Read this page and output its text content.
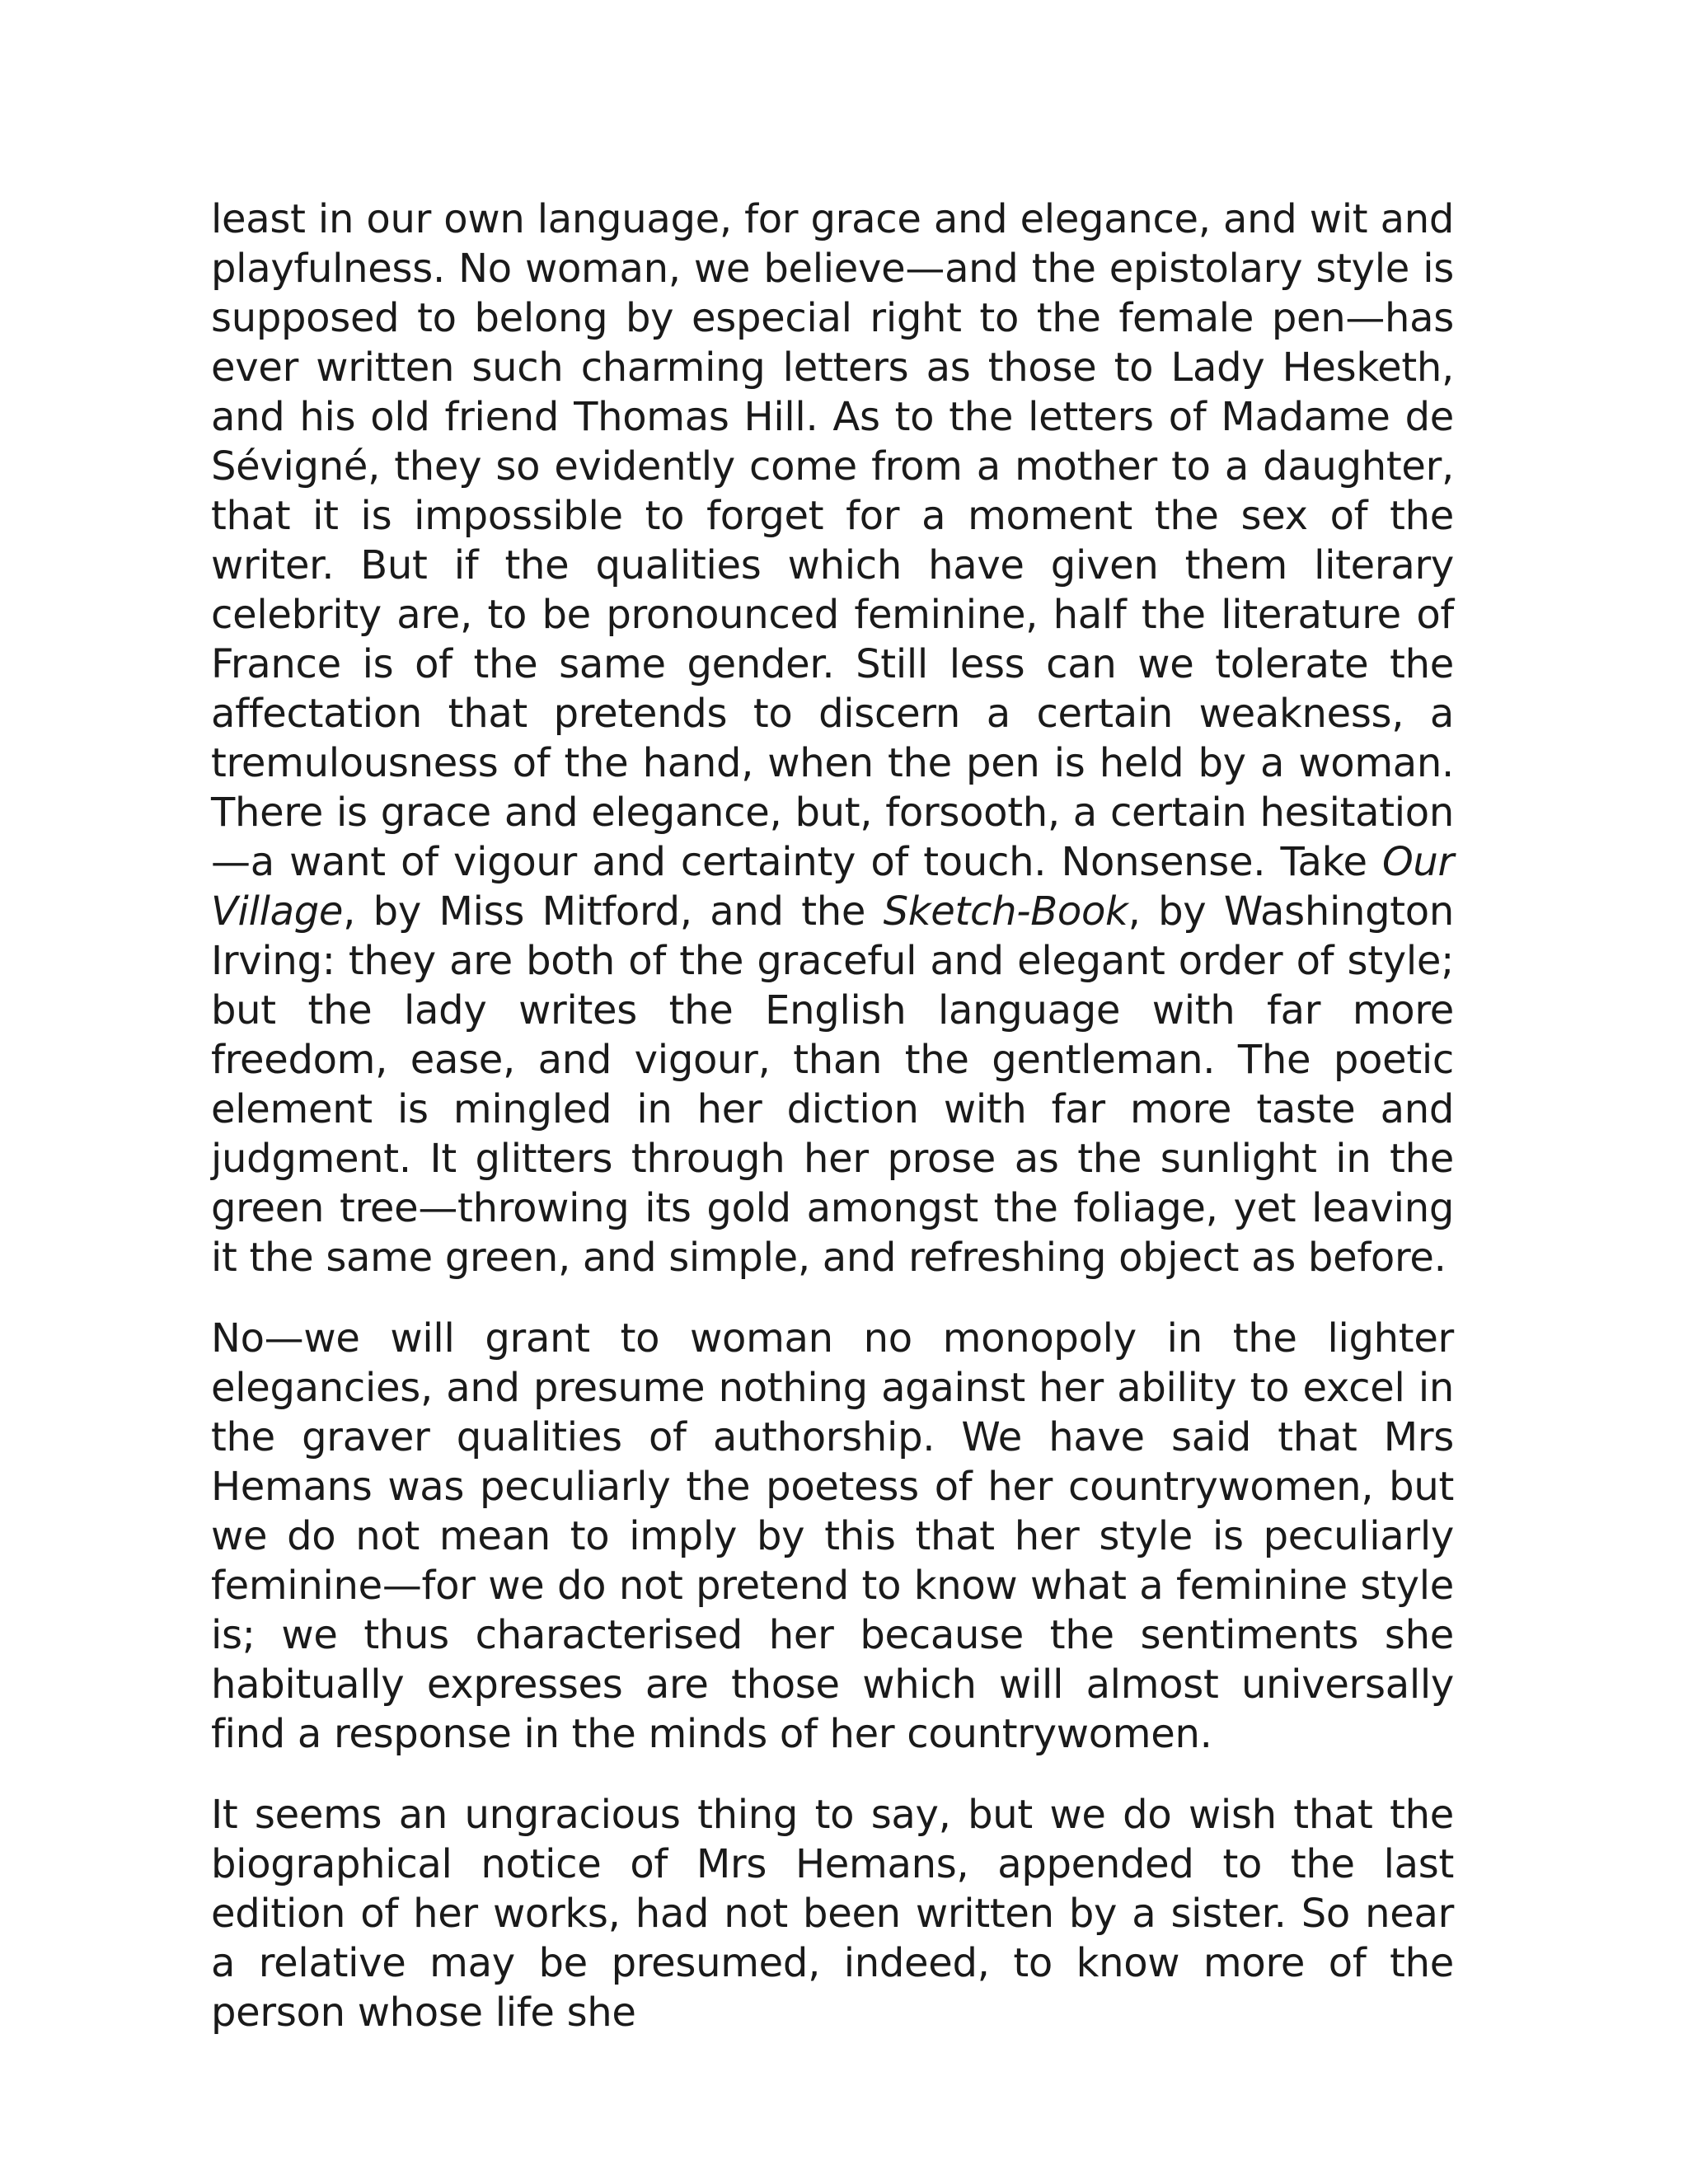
least in our own language, for grace and elegance, and wit and playfulness. No woman, we believe—and the epistolary style is supposed to belong by especial right to the female pen—has ever written such charming letters as those to Lady Hesketh, and his old friend Thomas Hill. As to the letters of Madame de Sévigné, they so evidently come from a mother to a daughter, that it is impossible to forget for a moment the sex of the writer. But if the qualities which have given them literary celebrity are, to be pronounced feminine, half the literature of France is of the same gender. Still less can we tolerate the affectation that pretends to discern a certain weakness, a tremulousness of the hand, when the pen is held by a woman. There is grace and elegance, but, forsooth, a certain hesitation—a want of vigour and certainty of touch. Nonsense. Take Our Village, by Miss Mitford, and the Sketch-Book, by Washington Irving: they are both of the graceful and elegant order of style; but the lady writes the English language with far more freedom, ease, and vigour, than the gentleman. The poetic element is mingled in her diction with far more taste and judgment. It glitters through her prose as the sunlight in the green tree—throwing its gold amongst the foliage, yet leaving it the same green, and simple, and refreshing object as before.

No—we will grant to woman no monopoly in the lighter elegancies, and presume nothing against her ability to excel in the graver qualities of authorship. We have said that Mrs Hemans was peculiarly the poetess of her countrywomen, but we do not mean to imply by this that her style is peculiarly feminine—for we do not pretend to know what a feminine style is; we thus characterised her because the sentiments she habitually expresses are those which will almost universally find a response in the minds of her countrywomen.

It seems an ungracious thing to say, but we do wish that the biographical notice of Mrs Hemans, appended to the last edition of her works, had not been written by a sister. So near a relative may be presumed, indeed, to know more of the person whose life she
